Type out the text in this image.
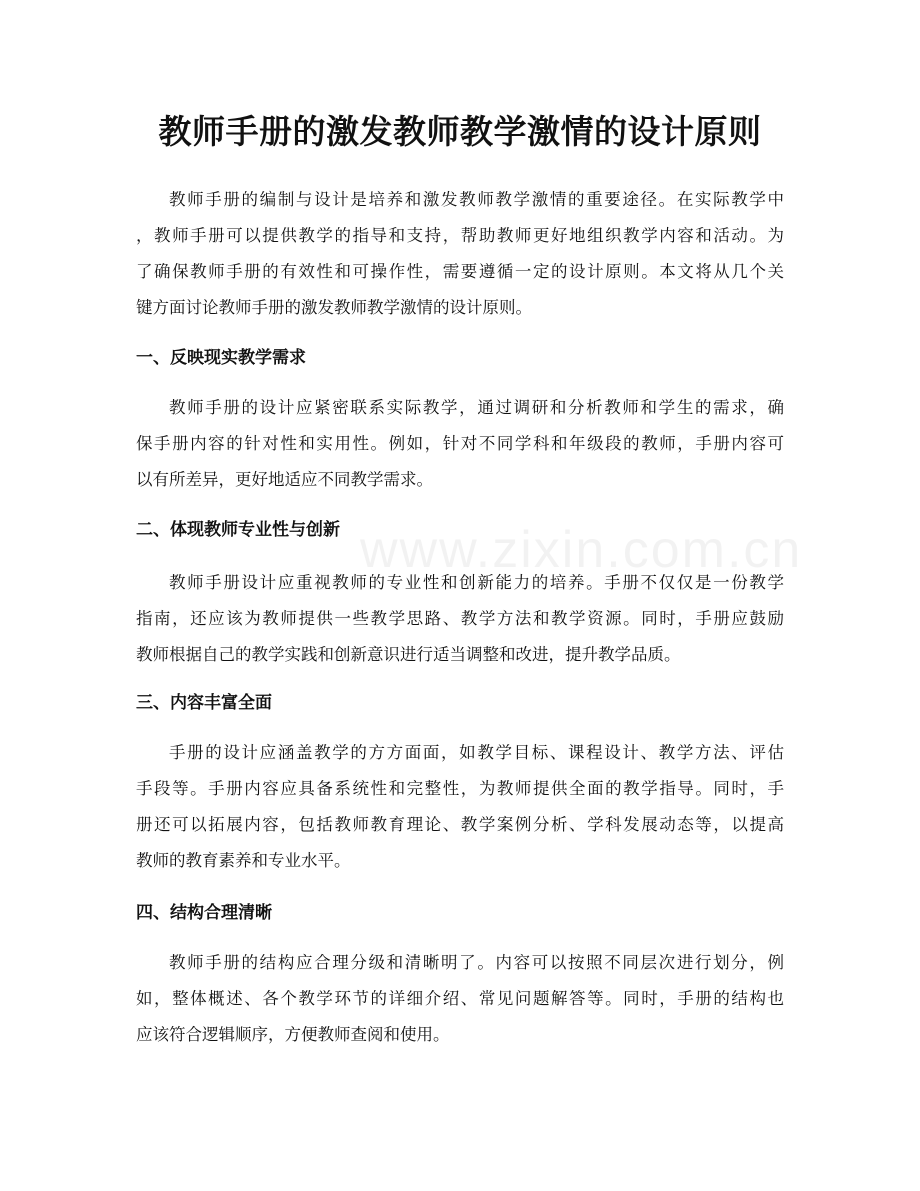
www.zixin.com.cn
教师手册的激发教师教学激情的设计原则
教师手册的编制与设计是培养和激发教师教学激情的重要途径。在实际教学中
，教师手册可以提供教学的指导和支持，帮助教师更好地组织教学内容和活动。为
了确保教师手册的有效性和可操作性，需要遵循一定的设计原则。本文将从几个关
键方面讨论教师手册的激发教师教学激情的设计原则。
一、反映现实教学需求
教师手册的设计应紧密联系实际教学，通过调研和分析教师和学生的需求，确
保手册内容的针对性和实用性。例如，针对不同学科和年级段的教师，手册内容可
以有所差异，更好地适应不同教学需求。
二、体现教师专业性与创新
教师手册设计应重视教师的专业性和创新能力的培养。手册不仅仅是一份教学
指南，还应该为教师提供一些教学思路、教学方法和教学资源。同时，手册应鼓励
教师根据自己的教学实践和创新意识进行适当调整和改进，提升教学品质。
三、内容丰富全面
手册的设计应涵盖教学的方方面面，如教学目标、课程设计、教学方法、评估
手段等。手册内容应具备系统性和完整性，为教师提供全面的教学指导。同时，手
册还可以拓展内容，包括教师教育理论、教学案例分析、学科发展动态等，以提高
教师的教育素养和专业水平。
四、结构合理清晰
教师手册的结构应合理分级和清晰明了。内容可以按照不同层次进行划分，例
如，整体概述、各个教学环节的详细介绍、常见问题解答等。同时，手册的结构也
应该符合逻辑顺序，方便教师查阅和使用。
